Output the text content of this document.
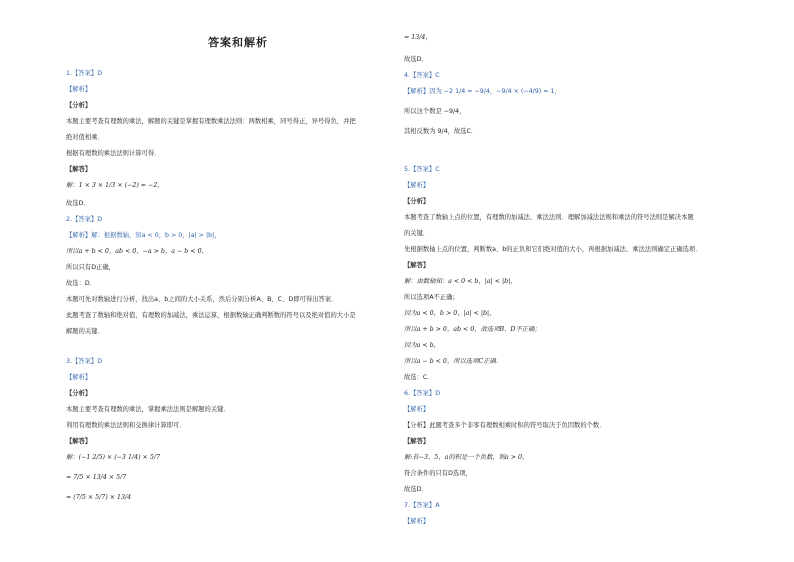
答案和解析
1.【答案】D
【解析】
【分析】
本题主要考查有理数的乘法，解题的关键是掌握有理数乘法法则：两数相乘，同号得正，异号得负，并把
绝对值相乘．
根据有理数的乘法法则计算可得．
【解答】
解：1 × 3 × 1/3 × (−2) = −2，
故选D．
2.【答案】D
【解析】解：根据数轴，知a < 0，b > 0，|a| > |b|，
所以a + b < 0，ab < 0，−a > b，a − b < 0，
所以只有D正确，
故选：D．
本题可先对数轴进行分析，找出a、b之间的大小关系，然后分别分析A、B、C、D即可得出答案．
此题考查了数轴和绝对值，有理数的加减法，乘法运算，根据数轴正确判断数的符号以及绝对值的大小是
解题的关键．
3.【答案】D
【解析】
【分析】
本题主要考查有理数的乘法，掌握乘法法则是解题的关键．
利用有理数的乘法法则和交换律计算即可．
【解答】
解：(−1 2/5) × (−3 1/4) × 5/7
= 7/5 × 13/4 × 5/7
= (7/5 × 5/7) × 13/4
= 13/4，
故选D．
4.【答案】C
【解析】因为 −2 1/4 = −9/4，−9/4 × (−4/9) = 1，
所以这个数是 −9/4，
其相反数为 9/4，故选C．
5.【答案】C
【解析】
【分析】
本题考查了数轴上点的位置，有理数的加减法、乘法法则．理解加减法法则和乘法的符号法则是解决本题
的关键．
先根据数轴上点的位置，判断数a、b的正负和它们绝对值的大小，再根据加减法、乘法法则确定正确选项．
【解答】
解：由数轴知：a < 0 < b，|a| < |b|，
所以选项A不正确；
因为a < 0，b > 0，|a| < |b|，
所以a + b > 0，ab < 0，故选项B、D不正确；
因为a < b，
所以a − b < 0，所以选项C正确．
故选：C．
6.【答案】D
【解析】
【分析】此题考查多个非零有理数相乘时积的符号取决于负因数的个数．
【解答】
解:若−3、5、a的积是一个负数，则a > 0，
符合条件的只有D选项，
故选D．
7.【答案】A
【解析】
